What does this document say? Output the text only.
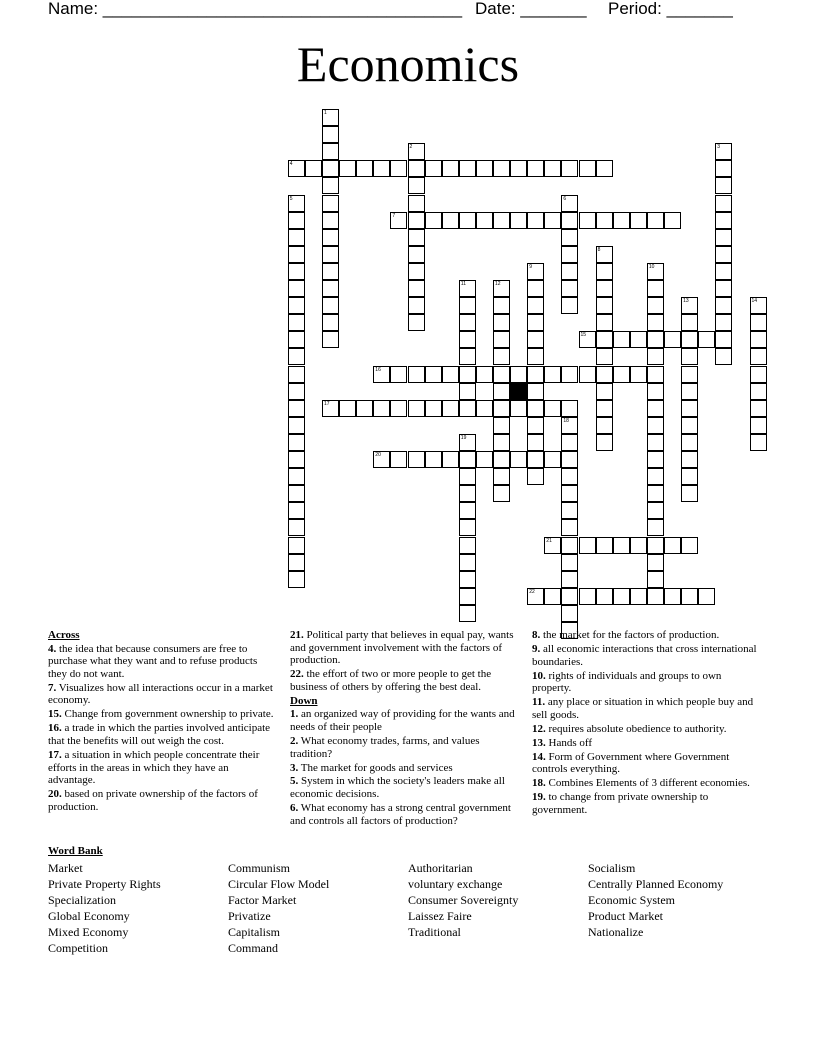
Name: ______________________________________ Date: _______ Period: _______
Economics
1
2	3
4
5	6
7
8
9	10
11	12
13	14
15
16
17
18
19
20
21
22
Across
4. the idea that because consumers are free to purchase what they want and to refuse products they do not want.
7. Visualizes how all interactions occur in a market economy.
15. Change from government ownership to private.
16. a trade in which the parties involved anticipate that the benefits will out weigh the cost.
17. a situation in which people concentrate their efforts in the areas in which they have an advantage.
20. based on private ownership of the factors of production.
21. Political party that believes in equal pay, wants and government involvement with the factors of production.
22. the effort of two or more people to get the business of others by offering the best deal.
Down
1. an organized way of providing for the wants and needs of their people
2. What economy trades, farms, and values tradition?
3. The market for goods and services
5. System in which the society's leaders make all economic decisions.
6. What economy has a strong central government and controls all factors of production?
8. the market for the factors of production.
9. all economic interactions that cross international boundaries.
10. rights of individuals and groups to own property.
11. any place or situation in which people buy and sell goods.
12. requires absolute obedience to authority.
13. Hands off
14. Form of Government where Government controls everything.
18. Combines Elements of 3 different economies.
19. to change from private ownership to government.
Word Bank
Market	Communism	Authoritarian	Socialism
Private Property Rights	Circular Flow Model	voluntary exchange	Centrally Planned Economy
Specialization	Factor Market	Consumer Sovereignty	Economic System
Global Economy	Privatize	Laissez Faire	Product Market
Mixed Economy	Capitalism	Traditional	Nationalize
Competition	Command
